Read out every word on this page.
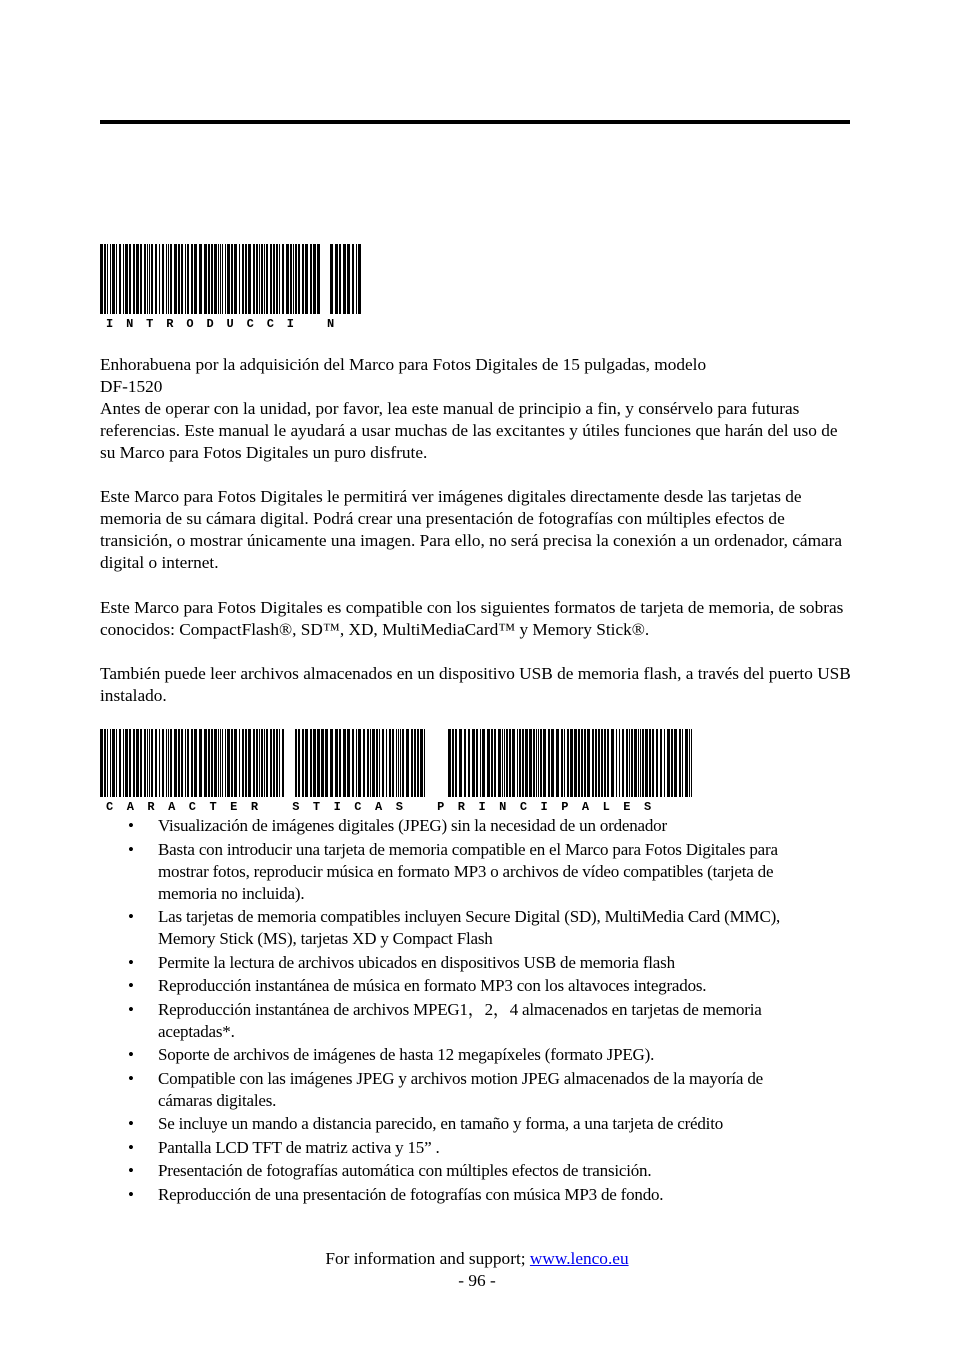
INTRODUCCI N

Enhorabuena por la adquisición del Marco para Fotos Digitales de 15 pulgadas, modelo
DF-1520
Antes de operar con la unidad, por favor, lea este manual de principio a fin, y consérvelo para futuras referencias. Este manual le ayudará a usar muchas de las excitantes y útiles funciones que harán del uso de su Marco para Fotos Digitales un puro disfrute.

Este Marco para Fotos Digitales le permitirá ver imágenes digitales directamente desde las tarjetas de memoria de su cámara digital. Podrá crear una presentación de fotografías con múltiples efectos de transición, o mostrar únicamente una imagen. Para ello, no será precisa la conexión a un ordenador, cámara digital o internet.

Este Marco para Fotos Digitales es compatible con los siguientes formatos de tarjeta de memoria, de sobras conocidos: CompactFlash®, SD™, XD, MultiMediaCard™ y Memory Stick®.

También puede leer archivos almacenados en un dispositivo USB de memoria flash, a través del puerto USB instalado.

CARACTER STICAS PRINCIPALES
• Visualización de imágenes digitales (JPEG) sin la necesidad de un ordenador
• Basta con introducir una tarjeta de memoria compatible en el Marco para Fotos Digitales para mostrar fotos, reproducir música en formato MP3 o archivos de vídeo compatibles (tarjeta de memoria no incluida).
• Las tarjetas de memoria compatibles incluyen Secure Digital (SD), MultiMedia Card (MMC), Memory Stick (MS), tarjetas XD y Compact Flash
• Permite la lectura de archivos ubicados en dispositivos USB de memoria flash
• Reproducción instantánea de música en formato MP3 con los altavoces integrados.
• Reproducción instantánea de archivos MPEG1，2，4 almacenados en tarjetas de memoria aceptadas*.
• Soporte de archivos de imágenes de hasta 12 megapíxeles (formato JPEG).
• Compatible con las imágenes JPEG y archivos motion JPEG almacenados de la mayoría de cámaras digitales.
• Se incluye un mando a distancia parecido, en tamaño y forma, a una tarjeta de crédito
• Pantalla LCD TFT de matriz activa y 15” .
• Presentación de fotografías automática con múltiples efectos de transición.
• Reproducción de una presentación de fotografías con música MP3 de fondo.
For information and support; www.lenco.eu
- 96 -
